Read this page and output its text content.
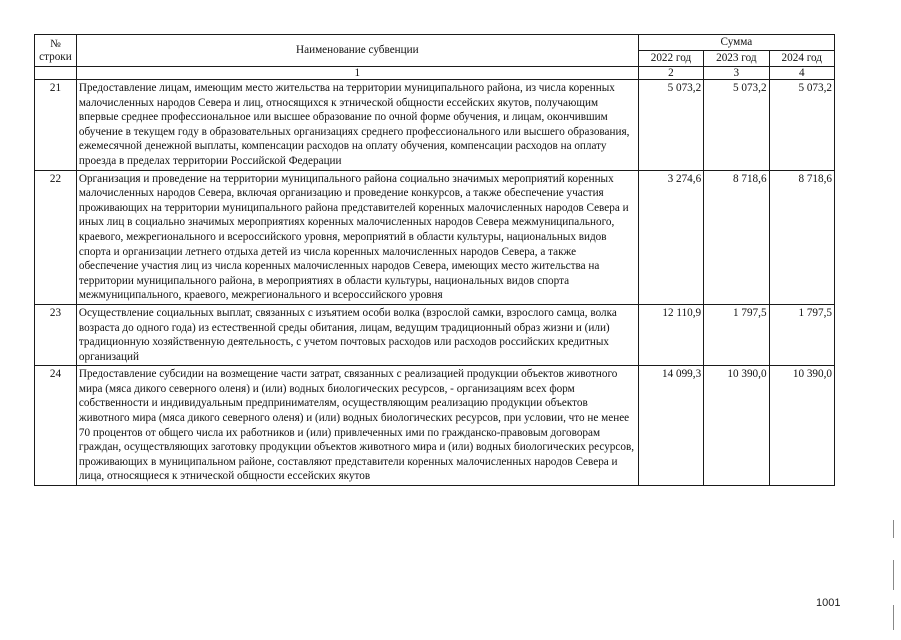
№
строки	Наименование субвенции	Сумма		
		2022 год	2023 год	2024 год
	1	2	3	4
21	Предоставление лицам, имеющим место жительства на территории муниципального района, из числа коренных малочисленных народов Севера и лиц, относящихся к этнической общности ессейских якутов, получающим впервые среднее профессиональное или высшее образование по очной форме обучения, и лицам, окончившим обучение в текущем году в образовательных организациях среднего профессионального или высшего образования, ежемесячной денежной выплаты, компенсации расходов на оплату обучения, компенсации расходов на оплату проезда в пределах территории Российской Федерации	5 073,2	5 073,2	5 073,2
22	Организация и проведение на территории муниципального района социально значимых мероприятий коренных малочисленных народов Севера, включая организацию и проведение конкурсов, а также обеспечение участия проживающих на территории муниципального района представителей коренных малочисленных народов Севера и иных лиц в социально значимых мероприятиях коренных малочисленных народов Севера межмуниципального, краевого, межрегионального и всероссийского уровня, мероприятий в области культуры, национальных видов спорта и организации летнего отдыха детей из числа коренных малочисленных народов Севера, а также обеспечение участия лиц из числа коренных малочисленных народов Севера, имеющих место жительства на территории муниципального района, в мероприятиях в области культуры, национальных видов спорта межмуниципального, краевого, межрегионального и всероссийского уровня	3 274,6	8 718,6	8 718,6
23	Осуществление социальных выплат, связанных с изъятием особи волка (взрослой самки, взрослого самца, волка возраста до одного года) из естественной среды обитания, лицам, ведущим традиционный образ жизни и (или) традиционную хозяйственную деятельность, с учетом почтовых расходов или расходов российских кредитных организаций	12 110,9	1 797,5	1 797,5
24	Предоставление субсидии на возмещение части затрат, связанных с реализацией продукции объектов животного мира (мяса дикого северного оленя) и (или) водных биологических ресурсов, - организациям всех форм собственности и индивидуальным предпринимателям, осуществляющим реализацию продукции объектов животного мира (мяса дикого северного оленя) и (или) водных биологических ресурсов, при условии, что не менее 70 процентов от общего числа их работников и (или) привлеченных ими по гражданско-правовым договорам граждан, осуществляющих заготовку продукции объектов животного мира и (или) водных биологических ресурсов, проживающих в муниципальном районе, составляют представители коренных малочисленных народов Севера и лица, относящиеся к этнической общности ессейских якутов	14 099,3	10 390,0	10 390,0
1001
